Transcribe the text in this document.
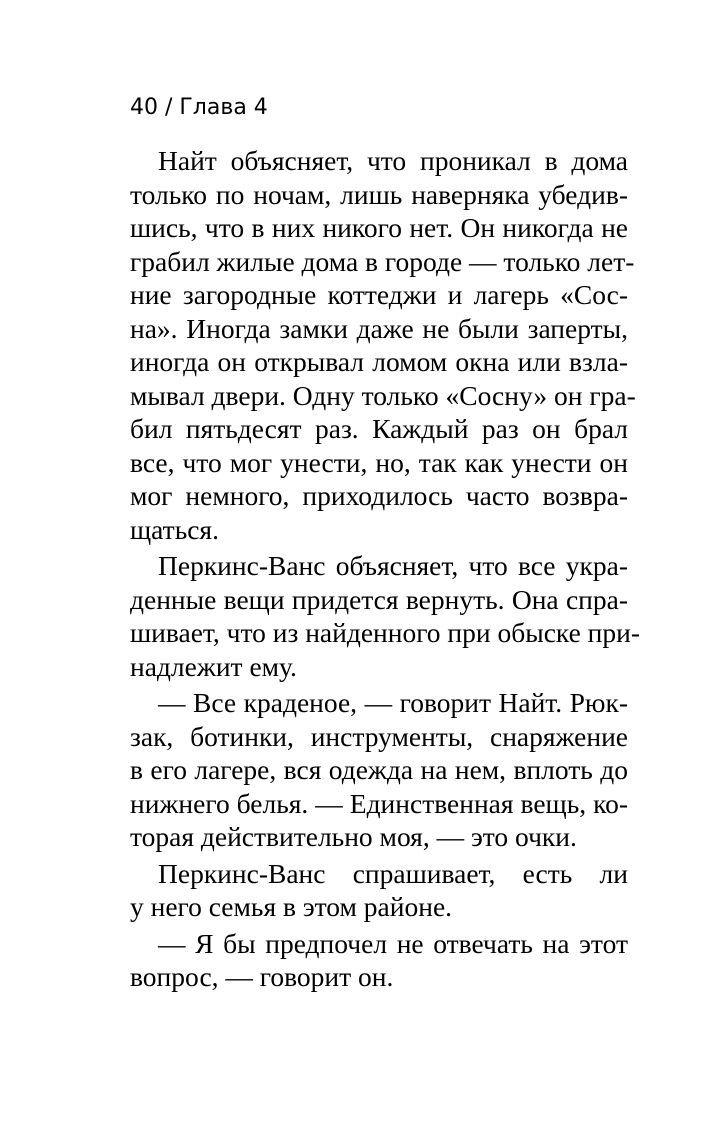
40 / Глава 4
Найт объясняет, что проникал в дома
только по ночам, лишь наверняка убедив-
шись, что в них никого нет. Он никогда не
грабил жилые дома в городе — только лет-
ние загородные коттеджи и лагерь «Сос-
на». Иногда замки даже не были заперты,
иногда он открывал ломом окна или взла-
мывал двери. Одну только «Сосну» он гра-
бил пятьдесят раз. Каждый раз он брал
все, что мог унести, но, так как унести он
мог немного, приходилось часто возвра-
щаться.
Перкинс-Ванс объясняет, что все укра-
денные вещи придется вернуть. Она спра-
шивает, что из найденного при обыске при-
надлежит ему.
— Все краденое, — говорит Найт. Рюк-
зак, ботинки, инструменты, снаряжение
в его лагере, вся одежда на нем, вплоть до
нижнего белья. — Единственная вещь, ко-
торая действительно моя, — это очки.
Перкинс-Ванс спрашивает, есть ли
у него семья в этом районе.
— Я бы предпочел не отвечать на этот
вопрос, — говорит он.
